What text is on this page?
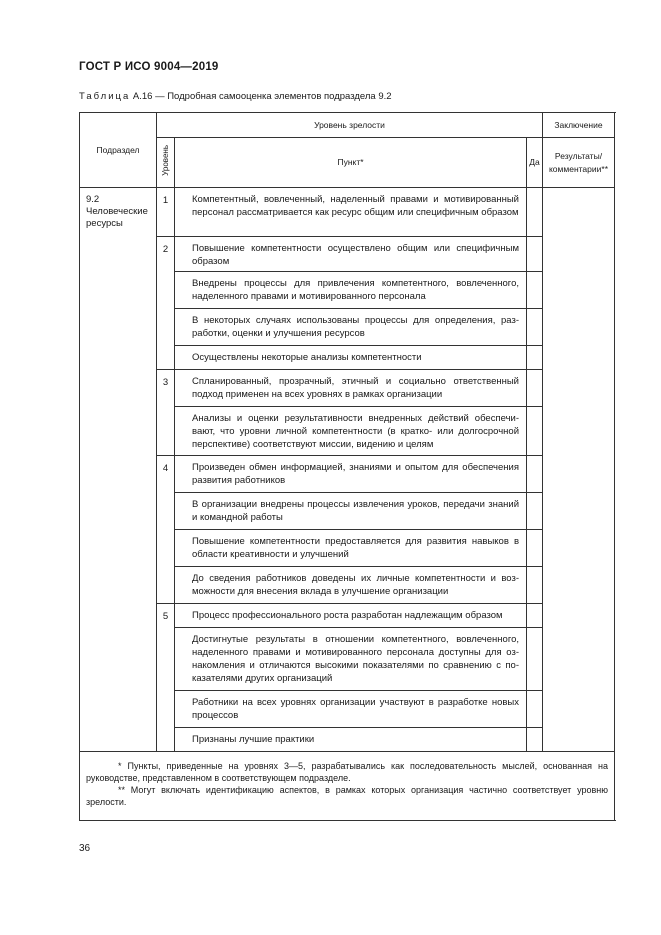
ГОСТ Р ИСО 9004—2019
Таблица А.16 — Подробная самооценка элементов подраздела 9.2
Подраздел	Уровень зрелости			Заключение
	Уровень	Пункт*	Да	Результаты/ комментарии**
9.2 Человеческие ресурсы	1	Компетентный, вовлеченный, наделенный правами и мотивированный персонал рассматривается как ресурс общим или специфичным образом		
	2	Повышение компетентности осуществлено общим или специфичным образом		
		Внедрены процессы для привлечения компетентного, вовлеченного, наделенного правами и мотивированного персонала		
		В некоторых случаях использованы процессы для определения, разработки, оценки и улучшения ресурсов		
		Осуществлены некоторые анализы компетентности		
	3	Спланированный, прозрачный, этичный и социально ответственный подход применен на всех уровнях в рамках организации		
		Анализы и оценки результативности внедренных действий обеспечивают, что уровни личной компетентности (в кратко- или долгосрочной перспективе) соответствуют миссии, видению и целям		
	4	Произведен обмен информацией, знаниями и опытом для обеспечения развития работников		
		В организации внедрены процессы извлечения уроков, передачи знаний и командной работы		
		Повышение компетентности предоставляется для развития навыков в области креативности и улучшений		
		До сведения работников доведены их личные компетентности и возможности для внесения вклада в улучшение организации		
	5	Процесс профессионального роста разработан надлежащим образом		
		Достигнутые результаты в отношении компетентного, вовлеченного, наделенного правами и мотивированного персонала доступны для ознакомления и отличаются высокими показателями по сравнению с показателями других организаций		
		Работники на всех уровнях организации участвуют в разработке новых процессов		
		Признаны лучшие практики		

* Пункты, приведенные на уровнях 3—5, разрабатывались как последовательность мыслей, основанная на руководстве, представленном в соответствующем подразделе.

** Могут включать идентификацию аспектов, в рамках которых организация частично соответствует уровню зрелости.				

36
